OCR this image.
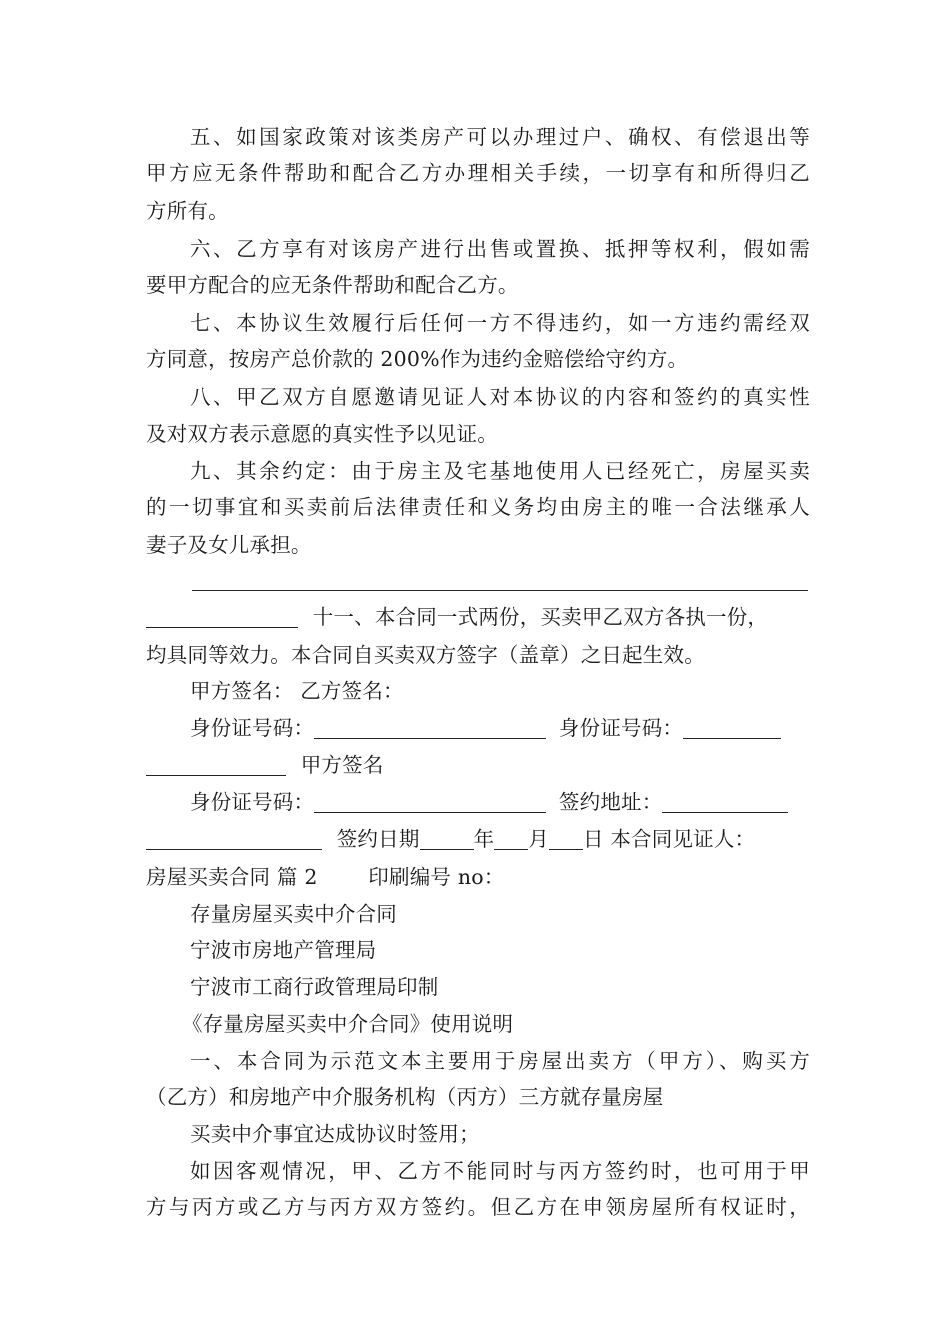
五、如国家政策对该类房产可以办理过户、确权、有偿退出等
甲方应无条件帮助和配合乙方办理相关手续，一切享有和所得归乙
方所有。
六、乙方享有对该房产进行出售或置换、抵押等权利，假如需
要甲方配合的应无条件帮助和配合乙方。
七、本协议生效履行后任何一方不得违约，如一方违约需经双
方同意，按房产总价款的 200%作为违约金赔偿给守约方。
八、甲乙双方自愿邀请见证人对本协议的内容和签约的真实性
及对双方表示意愿的真实性予以见证。
九、其余约定：由于房主及宅基地使用人已经死亡，房屋买卖
的一切事宜和买卖前后法律责任和义务均由房主的唯一合法继承人
妻子及女儿承担。
十一、本合同一式两份，买卖甲乙双方各执一份，
均具同等效力。本合同自买卖双方签字（盖章）之日起生效。
甲方签名： 乙方签名：
身份证号码：	身份证号码：
甲方签名
身份证号码：	签约地址：
签约日期	年 月 日 本合同见证人：
房屋买卖合同 篇 2 印刷编号 no：
存量房屋买卖中介合同
宁波市房地产管理局
宁波市工商行政管理局印制
《存量房屋买卖中介合同》使用说明
一、本合同为示范文本主要用于房屋出卖方（甲方）、购买方
（乙方）和房地产中介服务机构（丙方）三方就存量房屋
买卖中介事宜达成协议时签用；
如因客观情况，甲、乙方不能同时与丙方签约时，也可用于甲
方与丙方或乙方与丙方双方签约。但乙方在申领房屋所有权证时，
